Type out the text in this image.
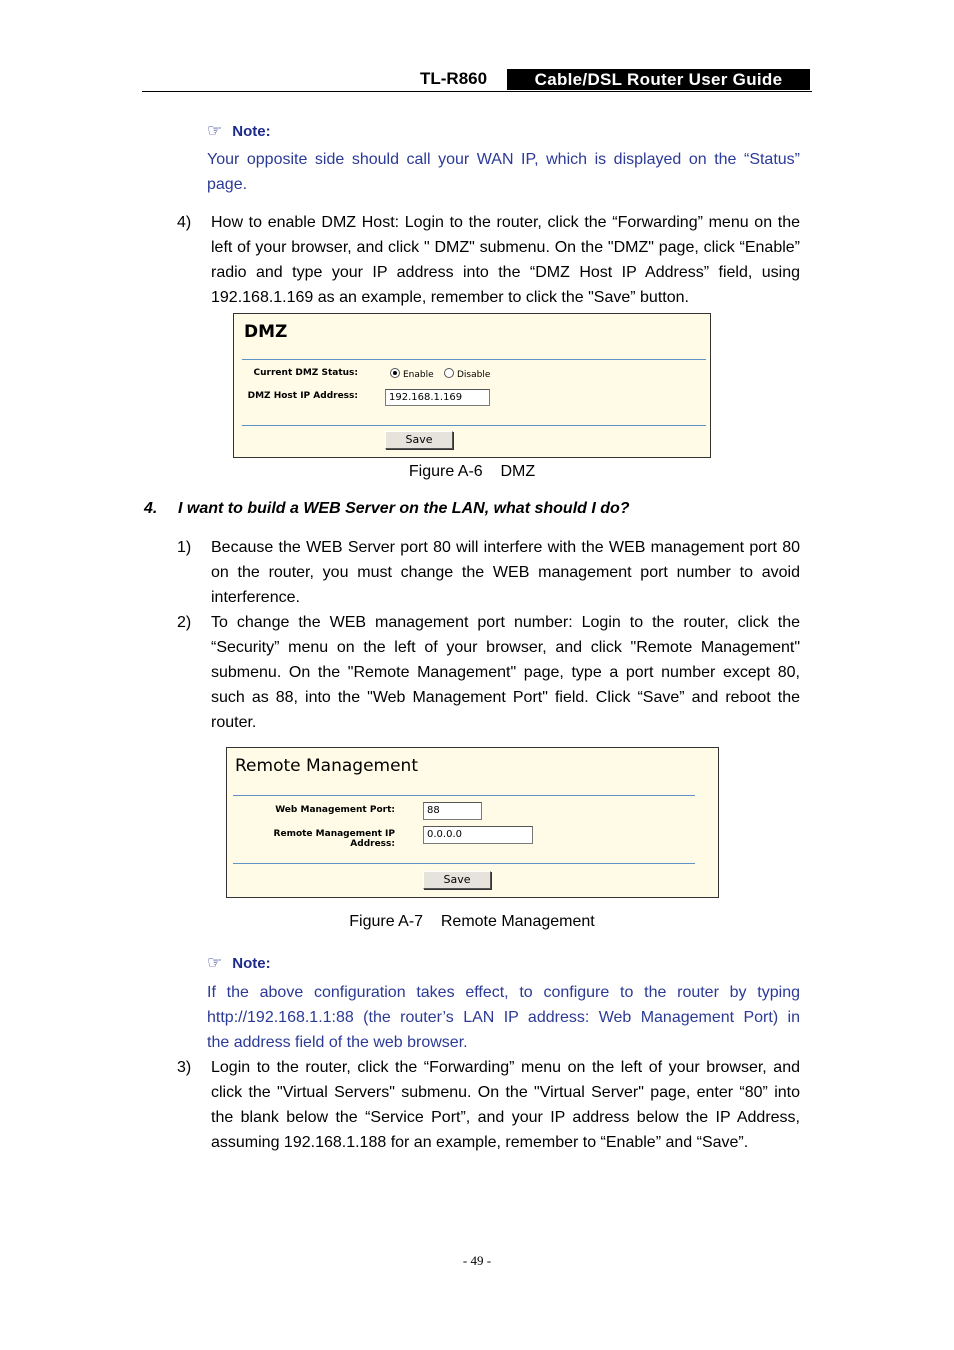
TL-R860	Cable/DSL Router User Guide
☞ Note:
Your opposite side should call your WAN IP, which is displayed on the “Status”
page.
4) How to enable DMZ Host: Login to the router, click the “Forwarding” menu on the left of your browser, and click " DMZ" submenu. On the "DMZ" page, click “Enable” radio and type your IP address into the “DMZ Host IP Address” field, using 192.168.1.169 as an example, remember to click the "Save” button.
DMZ
Current DMZ Status:	Enable	Disable
DMZ Host IP Address:	192.168.1.169
Save
Figure A-6    DMZ
4. I want to build a WEB Server on the LAN, what should I do?
1) Because the WEB Server port 80 will interfere with the WEB management port 80 on the router, you must change the WEB management port number to avoid interference.
2) To change the WEB management port number: Login to the router, click the “Security” menu on the left of your browser, and click "Remote Management" submenu. On the "Remote Management" page, type a port number except 80, such as 88, into the "Web Management Port" field. Click “Save” and reboot the router.
Remote Management
Web Management Port:	88
Remote Management IP Address:
0.0.0.0
Save
Figure A-7    Remote Management
☞ Note:
If the above configuration takes effect, to configure to the router by typing
http://192.168.1.1:88 (the router’s LAN IP address: Web Management Port) in
the address field of the web browser.
3) Login to the router, click the “Forwarding” menu on the left of your browser, and click the "Virtual Servers" submenu. On the "Virtual Server" page, enter “80” into the blank below the “Service Port”, and your IP address below the IP Address, assuming 192.168.1.188 for an example, remember to “Enable” and “Save”.
- 49 -
